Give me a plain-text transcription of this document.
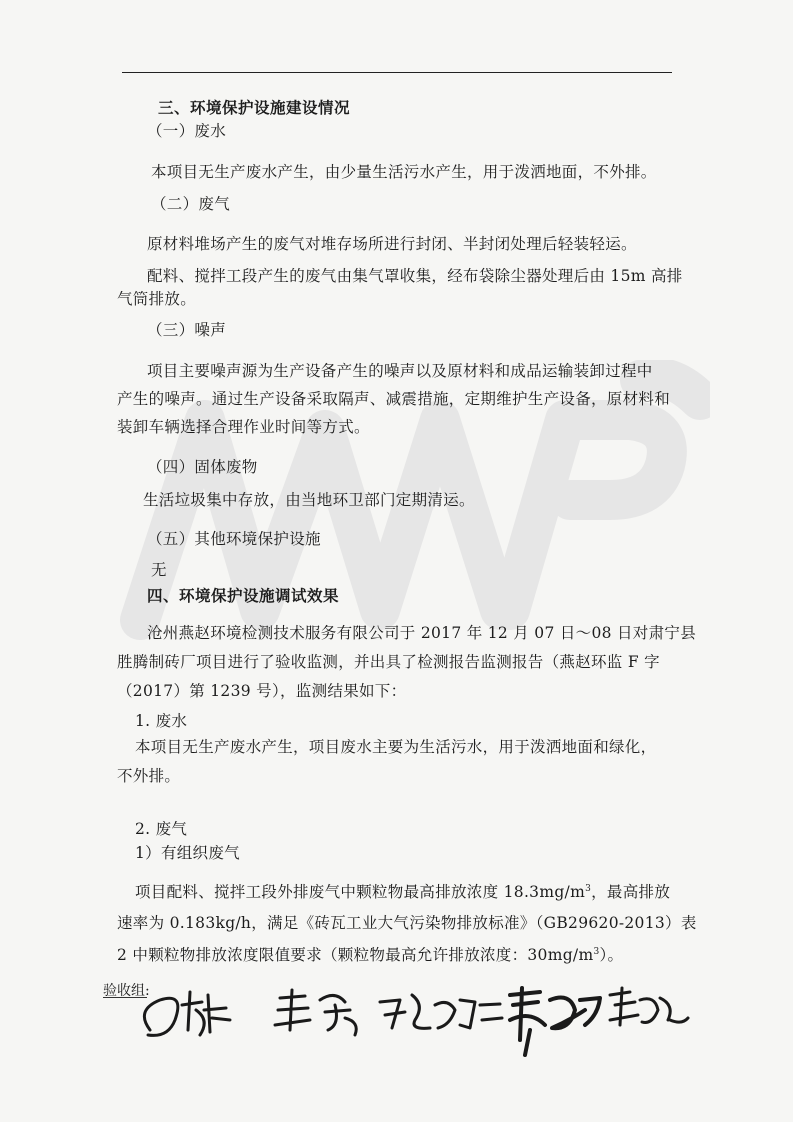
三、环境保护设施建设情况
（一）废水
本项目无生产废水产生，由少量生活污水产生，用于泼洒地面，不外排。
（二）废气
原材料堆场产生的废气对堆存场所进行封闭、半封闭处理后轻装轻运。
配料、搅拌工段产生的废气由集气罩收集，经布袋除尘器处理后由 15m 高排
气筒排放。
（三）噪声
项目主要噪声源为生产设备产生的噪声以及原材料和成品运输装卸过程中
产生的噪声。通过生产设备采取隔声、减震措施，定期维护生产设备，原材料和
装卸车辆选择合理作业时间等方式。
（四）固体废物
生活垃圾集中存放，由当地环卫部门定期清运。
（五）其他环境保护设施
无
四、环境保护设施调试效果
沧州燕赵环境检测技术服务有限公司于 2017 年 12 月 07 日～08 日对肃宁县
胜腾制砖厂项目进行了验收监测，并出具了检测报告监测报告（燕赵环监 F 字
（2017）第 1239 号），监测结果如下：
1. 废水
本项目无生产废水产生，项目废水主要为生活污水，用于泼洒地面和绿化，
不外排。
2. 废气
1）有组织废气
项目配料、搅拌工段外排废气中颗粒物最高排放浓度 $18.3mg/m^3$，最高排放
速率为 0.183kg/h，满足《砖瓦工业大气污染物排放标准》（GB29620-2013）表
2 中颗粒物排放浓度限值要求（颗粒物最高允许排放浓度：$30mg/m^3$）。
验收组:
